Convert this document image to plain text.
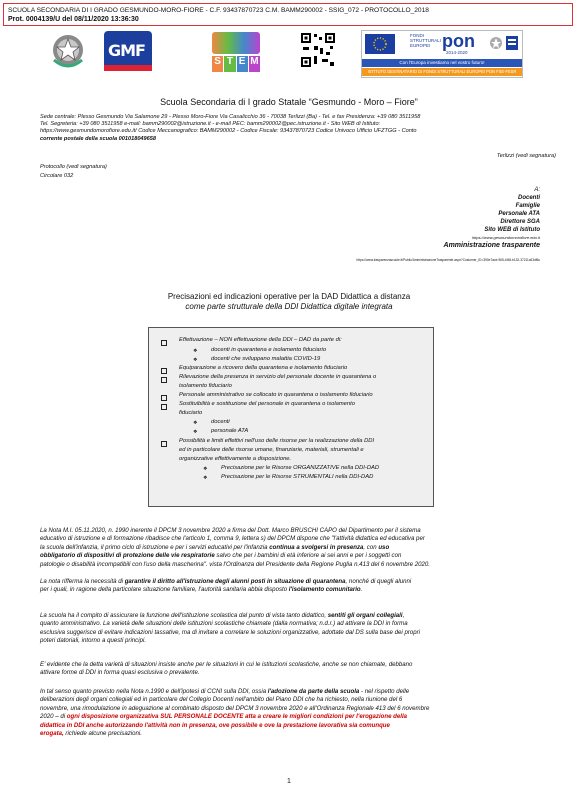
SCUOLA SECONDARIA DI I GRADO GESMUNDO-MORO-FIORE - C.F. 93437870723 C.M. BAMM290002 - SSIG_072 - PROTOCOLLO_2018
Prot. 0004139/U del 08/11/2020 13:36:30
GMF
S T E M
FONDI STRUTTURALI EUROPEI pon
2014-2020
Con l'Europa investiamo nel vostro futuro!
ISTITUTO DESTINATARIO DI FONDI STRUTTURALI EUROPEI PON FSE-FESR
Scuola Secondaria di I grado Statale “Gesmundo - Moro – Fiore”
Sede centrale: Plesso Gesmundo Via Salamone 29 - Plesso Moro-Fiore Via Casalicchio 36 - 70038 Terlizzi (Ba) - Tel. e fax Presidenza: +39 080 3511958
Tel. Segreteria: +39 080 3511958 e-mail: bamm290002@istruzione.it - e-mail PEC: bamm290002@pec.istruzione.it - Sito WEB di Istituto:
https://www.gesmundomorofiore.edu.it/ Codice Meccanografico: BAMM290002 - Codice Fiscale: 93437870723 Codice Univoco Ufficio UFZTGG - Conto
corrente postale della scuola 001018049658
Terlizzi (vedi segnatura)
Protocollo (vedi segnatura)
Circolare 032
A:
Docenti
Famiglie
Personale ATA
Direttore SGA
Sito WEB di Istituto
https://www.gesmundomorofiore.edu.it
Amministrazione trasparente
https://www.trasparenzascuole.it/Public/AmministrazioneTrasparente.aspx?Customer_ID=390e7ace-965-4f48-b132-37211c63df6c
Precisazioni ed indicazioni operative per la DAD Didattica a distanza
come parte strutturale della DDI Didattica digitale integrata
Effettuazione – NON effettuazione della DDI – DAD da parte di:
❖ docenti in quarantena e isolamento fiduciario
❖ docenti che sviluppano malattia COVID-19
Equiparazione a ricovero della quarantena e isolamento fiduciario
Rilevazione della presenza in servizio del personale docente in quarantena o
isolamento fiduciario
Personale amministrativo se collocato in quarantena o isolamento fiduciario
Sostituibilità e sostituzione del personale in quarantena o isolamento
fiduciario
❖ docenti
❖ personale ATA
Possibilità e limiti effettivi nell'uso delle risorse per la realizzazione della DDI
ed in particolare delle risorse umane, finanziarie, materiali, strumentali e
organizzative effettivamente a disposizione.
❖ Precisazione per le Risorse ORGANIZZATIVE nella DDI-DAD
❖ Precisazione per le Risorse STRUMENTALI nella DDI-DAD
La Nota M.I. 05.11.2020, n. 1990 inerente il DPCM 3 novembre 2020 a firma del Dott. Marco BRUSCHI CAPO del Dipartimento per il sistema
educativo di istruzione e di formazione ribadisce che l'articolo 1, comma 9, lettera s) del DPCM dispone che "l'attività didattica ed educativa per
la scuola dell'infanzia, il primo ciclo di istruzione e per i servizi educativi per l'infanzia continua a svolgersi in presenza, con uso
obbligatorio di dispositivi di protezione delle vie respiratorie salvo che per i bambini di età inferiore ai sei anni e per i soggetti con
patologie o disabilità incompatibili con l'uso della mascherina". vista l'Ordinanza del Presidente della Regione Puglia n.413 del 6 novembre 2020.
La nota rifferma la necessità di garantire il diritto all'istruzione degli alunni posti in situazione di quarantena, nonché di quegli alunni
per i quali, in ragione della particolare situazione familiare, l'autorità sanitaria abbia disposto l'isolamento comunitario.
La scuola ha il compito di assicurare la funzione dell'istituzione scolastica dal punto di vista tanto didattico, sentiti gli organi collegiali,
quanto amministrativo. La varietà delle situazioni delle istituzioni scolastiche chiamate (dalla normativa; n.d.r.) ad attivare la DDI in forma
esclusiva suggerisce di evitare indicazioni tassative, ma di invitare a correlare le soluzioni organizzative, adottate dal DS sulla base dei propri
poteri datoriali, intorno a questi principi.
E' evidente che la detta varietà di situazioni insiste anche per le situazioni in cui le istituzioni scolastiche, anche se non chiamate, debbano
attivare forme di DDI in forma quasi esclusiva o prevalente.
In tal senso quanto previsto nella Nota n.1990 e dell'ipotesi di CCNI sulla DDI, ossia l'adozione da parte della scuola - nel rispetto delle
deliberazioni degli organi collegiali ed in particolare del Collegio Docenti nell'ambito del Piano DDI che ha richiesto, nella riunione del 6
novembre, una rimodulazione in adeguazione al combinato disposto del DPCM 3 novembre 2020 e all'Ordinanza Regionale 413 del 6 novembre
2020 – di ogni disposizione organizzativa SUL PERSONALE DOCENTE atta a creare le migliori condizioni per l'erogazione della
didattica in DDI anche autorizzando l'attività non in presenza, ove possibile e ove la prestazione lavorativa sia comunque
erogata, richiede alcune precisazioni.
1
